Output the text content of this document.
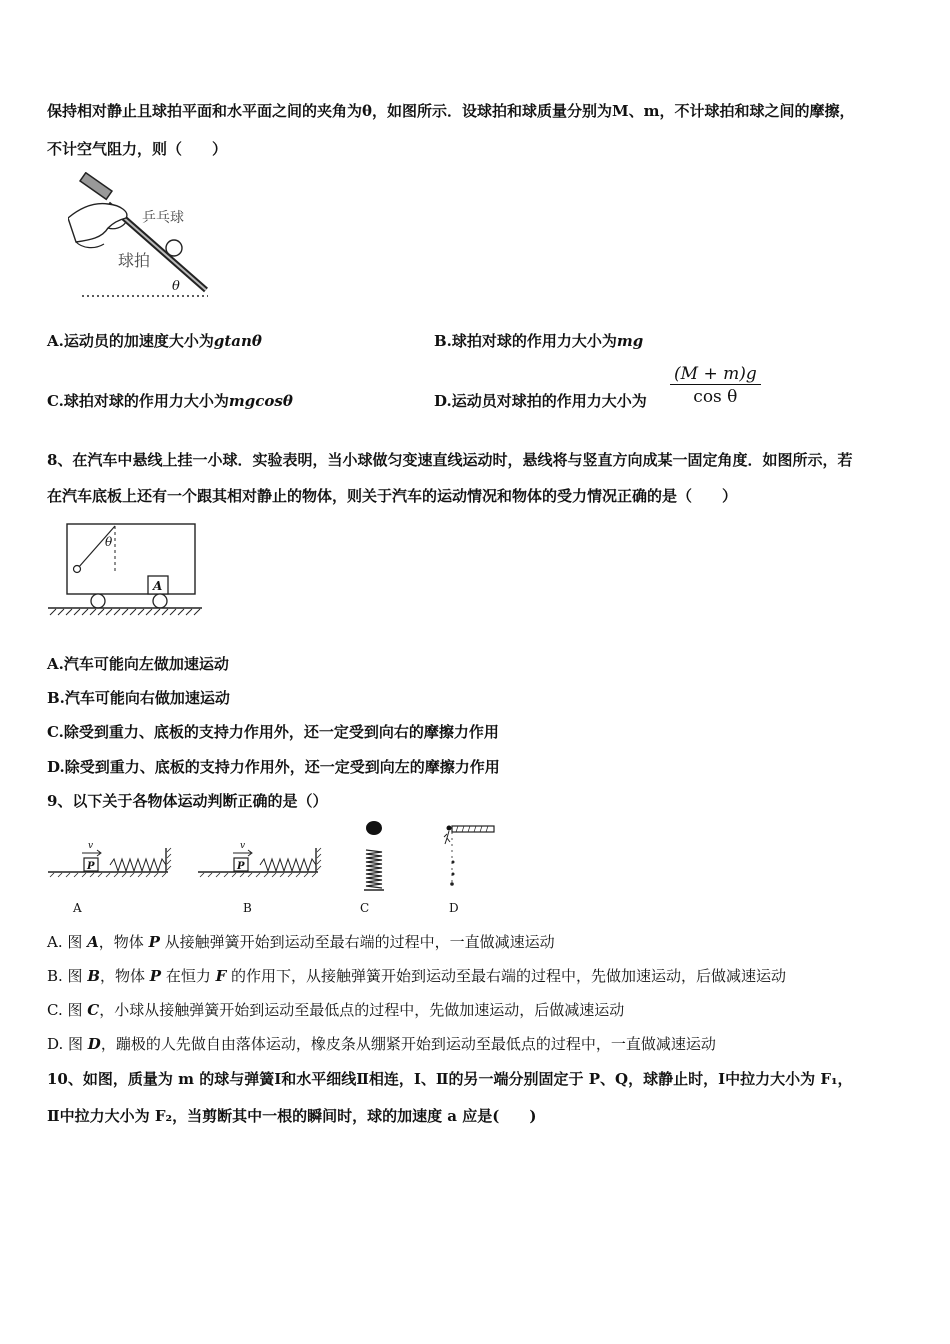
保持相对静止且球拍平面和水平面之间的夹角为θ，如图所示．设球拍和球质量分别为M、m，不计球拍和球之间的摩擦，
不计空气阻力，则（　　）
乒乓球
球拍
θ
A.运动员的加速度大小为gtanθ	B.球拍对球的作用力大小为mg
C.球拍对球的作用力大小为mgcosθ	D.运动员对球拍的作用力大小为 $\frac{(M + m)g}{\text{cos θ}}$
8、在汽车中悬线上挂一小球．实验表明，当小球做匀变速直线运动时，悬线将与竖直方向成某一固定角度．如图所示，若
在汽车底板上还有一个跟其相对静止的物体，则关于汽车的运动情况和物体的受力情况正确的是（　　）
θ
A
A.汽车可能向左做加速运动
B.汽车可能向右做加速运动
C.除受到重力、底板的支持力作用外，还一定受到向右的摩擦力作用
D.除受到重力、底板的支持力作用外，还一定受到向左的摩擦力作用
9、以下关于各物体运动判断正确的是（）
v
P
A
v
P
B	C	D
A. 图 A，物体 P 从接触弹簧开始到运动至最右端的过程中，一直做减速运动
B. 图 B，物体 P 在恒力 F 的作用下，从接触弹簧开始到运动至最右端的过程中，先做加速运动，后做减速运动
C. 图 C，小球从接触弹簧开始到运动至最低点的过程中，先做加速运动，后做减速运动
D. 图 D，蹦极的人先做自由落体运动，橡皮条从绷紧开始到运动至最低点的过程中，一直做减速运动
10、如图，质量为 m 的球与弹簧Ⅰ和水平细线Ⅱ相连，Ⅰ、Ⅱ的另一端分别固定于 P、Q，球静止时，Ⅰ中拉力大小为 F₁，
Ⅱ中拉力大小为 F₂，当剪断其中一根的瞬间时，球的加速度 a 应是(　　)
